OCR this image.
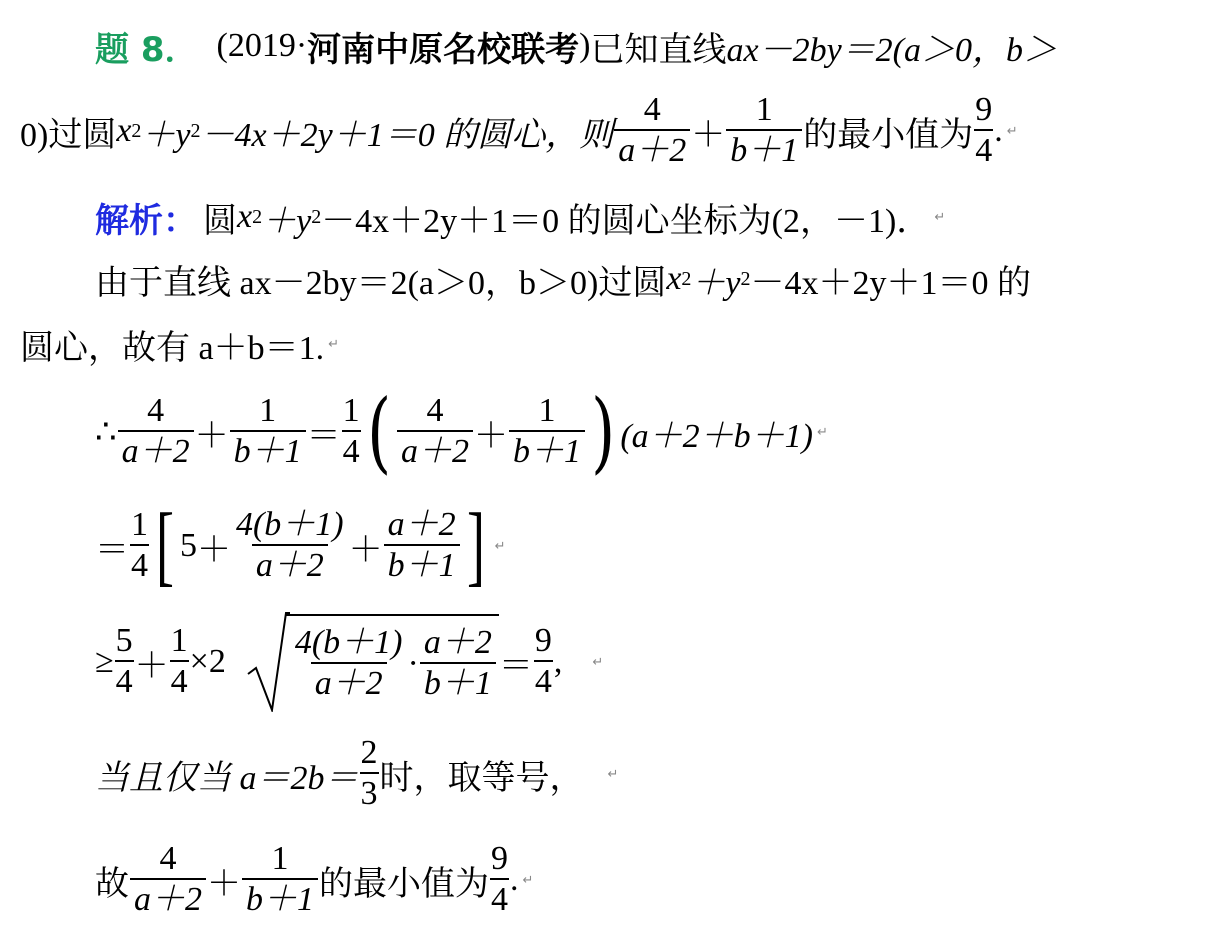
题 8． (2019· 河南中原名校联考 ) 已知直线 ax－2by＝2(a＞0，b＞
0)过圆 x 2 ＋y 2 －4x＋2y＋1＝0 的圆心，则 $\frac{4}{a+2} + \frac{1}{b+1}$ 的最小值为 $\frac{9}{4}$ . ↵
解析： 圆 x 2 ＋y 2 －4x＋2y＋1＝0 的圆心坐标为(2，－1)． ↵
由于直线 ax－2by＝2(a＞0，b＞0)过圆 x 2 ＋y 2 －4x＋2y＋1＝0 的
圆心，故有 a＋b＝1. ↵
∴ $\frac{4}{a+2} + \frac{1}{b+1} = \frac{1}{4}$ ( $\frac{4}{a+2} + \frac{1}{b+1}$ ) (a＋2＋b＋1) ↵
＝ $\frac{1}{4}$ [ $5 + \frac{4(b+1)}{a+2} + \frac{a+2}{b+1}$ ] ↵
≥ $\frac{5}{4} + \frac{1}{4} \times 2 \frac{4(b+1)}{a+2} \cdot \frac{a+2}{b+1} = \frac{9}{4}$ , ↵
当且仅当 $a=2b= \frac{2}{3}$ 时，取等号， ↵
故 $\frac{4}{a+2} + \frac{1}{b+1}$ 的最小值为 $\frac{9}{4}$ . ↵
